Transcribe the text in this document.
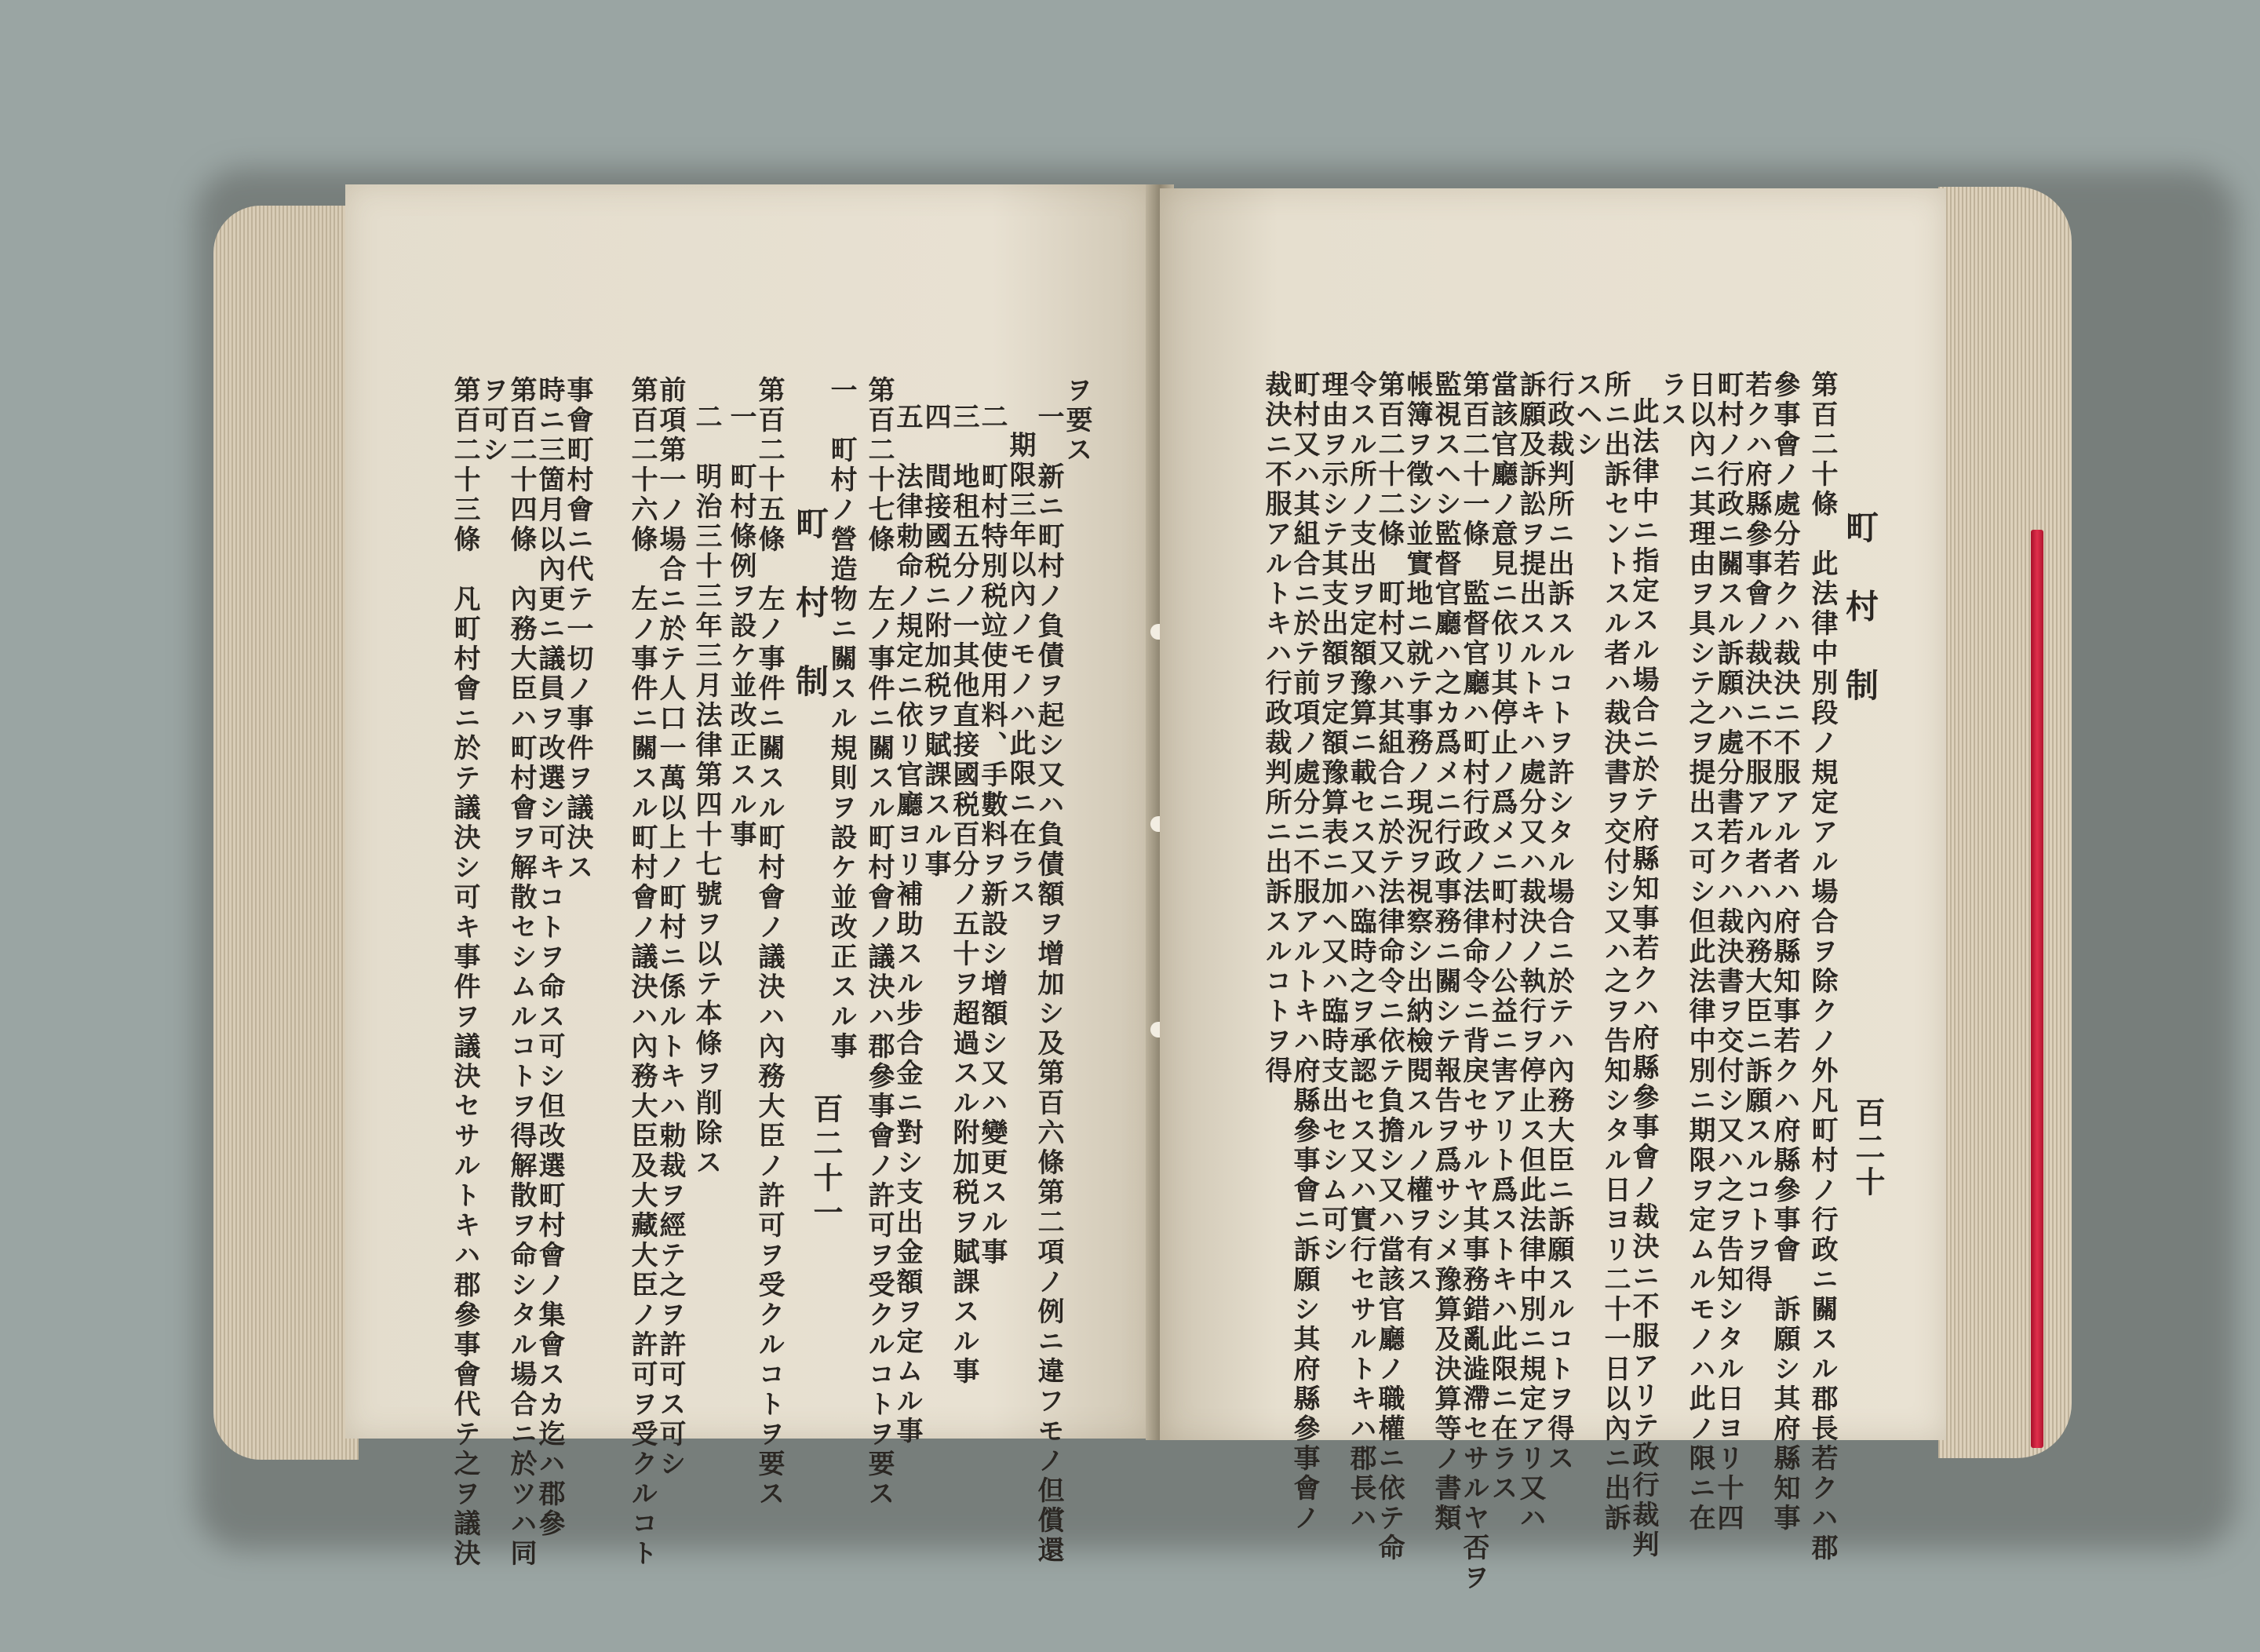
町 村 制
百二十一
一　町村ノ營造物ニ關スル規則ヲ設ケ並改正スル事 第百二十七條　左ノ事件ニ關スル町村會ノ議決ハ郡參事會ノ許可ヲ受クルコトヲ要ス
五　法律勅命ノ規定ニ依リ官廳ヨリ補助スル步合金ニ對シ支出金額ヲ定ムル事
四　間接國税ニ附加税ヲ賦課スル事
三　地租五分ノ一其他直接國税百分ノ五十ヲ超過スル附加税ヲ賦課スル事
二　町村特別税竝使用料、手數料ヲ新設シ增額シ又ハ變更スル事
期限三年以內ノモノハ此限ニ在ラス
一　新ニ町村ノ負債ヲ起シ又ハ負債額ヲ增加シ及第百六條第二項ノ例ニ違フモノ但償還
ヲ要ス
第百二十六條　左ノ事件ニ關スル町村會ノ議決ハ內務大臣及大藏大臣ノ許可ヲ受クルコト
前項第一ノ場合ニ於テ人口一萬以上ノ町村ニ係ルトキハ勅裁ヲ經テ之ヲ許可ス可シ 二　明治三十三年三月法律第四十七號ヲ以テ本條ヲ削除ス 一　町村條例ヲ設ケ並改正スル事
第百二十五條　左ノ事件ニ關スル町村會ノ議決ハ內務大臣ノ許可ヲ受クルコトヲ要ス
第百二十三條　凡町村會ニ於テ議決シ可キ事件ヲ議決セサルトキハ郡參事會代テ之ヲ議決
ヲ可シ
第百二十四條　內務大臣ハ町村會ヲ解散セシムルコトヲ得解散ヲ命シタル場合ニ於ツハ同
時ニ三箇月以內更ニ議員ヲ改選シ可キコトヲ命ス可シ但改選町村會ノ集會スカ迄ハ郡參
事會町村會ニ代テ一切ノ事件ヲ議決ス	町 村 制
百二十
第百二十條　此法律中別段ノ規定アル場合ヲ除クノ外凡町村ノ行政ニ關スル郡長若クハ郡
參事會ノ處分若クハ裁決ニ不服アル者ハ府縣知事若クハ府縣參事會　訴願シ其府縣知事
若クハ府縣參事會ノ裁決ニ不服アル者ハ內務大臣ニ訴願スルコトヲ得
町村ノ行政ニ關スル訴願ハ處分書若クハ裁決書ヲ交付シ又ハ之ヲ告知シタル日ヨリ十四
日以內ニ其理由ヲ具シテ之ヲ提出ス可シ但此法律中別ニ期限ヲ定ムルモノハ此ノ限ニ在
ラス
此法律中ニ指定スル場合ニ於テ府縣知事若クハ府縣參事會ノ裁決ニ不服アリテ政行裁判
所ニ出訴セントスル者ハ裁決書ヲ交付シ又ハ之ヲ告知シタル日ヨリ二十一日以內ニ出訴
スヘシ
行政裁判所ニ出訴スルコトヲ許シタル場合ニ於テハ內務大臣ニ訴願スルコトヲ得ス
訴願及訴訟ヲ提出スルトキハ處分又ハ裁決ノ執行ヲ停止ス但此法律中別ニ規定アリ又ハ
當該官廳ノ意見ニ依リ其停止ノ爲メニ町村ノ公益ニ害アリト爲ストキハ此限ニ在ラス
第百二十一條　監督官廳ハ町村行政ノ法律命令ニ背戾セサルヤ其事務錯亂澁滯セサルヤ否ヲ
監視スヘシ監督官廳ハ之カ爲メニ行政事務ニ關シテ報告ヲ爲サシメ豫算及決算等ノ書類
帳簿ヲ徵シ並實地ニ就テ事務ノ現況ヲ視察シ出納檢閱スルノ權ヲ有ス
第百二十二條　町村又ハ其組合ニ於テ法律命令ニ依テ負擔シ又ハ當該官廳ノ職權ニ依テ命
令スル所ノ支出ヲ定額豫算ニ載セス又ハ臨時之ヲ承認セス又ハ實行セサルトキハ郡長ハ
理由ヲ示シテ其支出額ヲ定額豫算表ニ加ヘ又ハ臨時支出セシム可シ
町村又ハ其組合ニ於テ前項ノ處分ニ不服アルトキハ府縣參事會ニ訴願シ其府縣參事會ノ
裁決ニ不服アルトキハ行政裁判所ニ出訴スルコトヲ得
